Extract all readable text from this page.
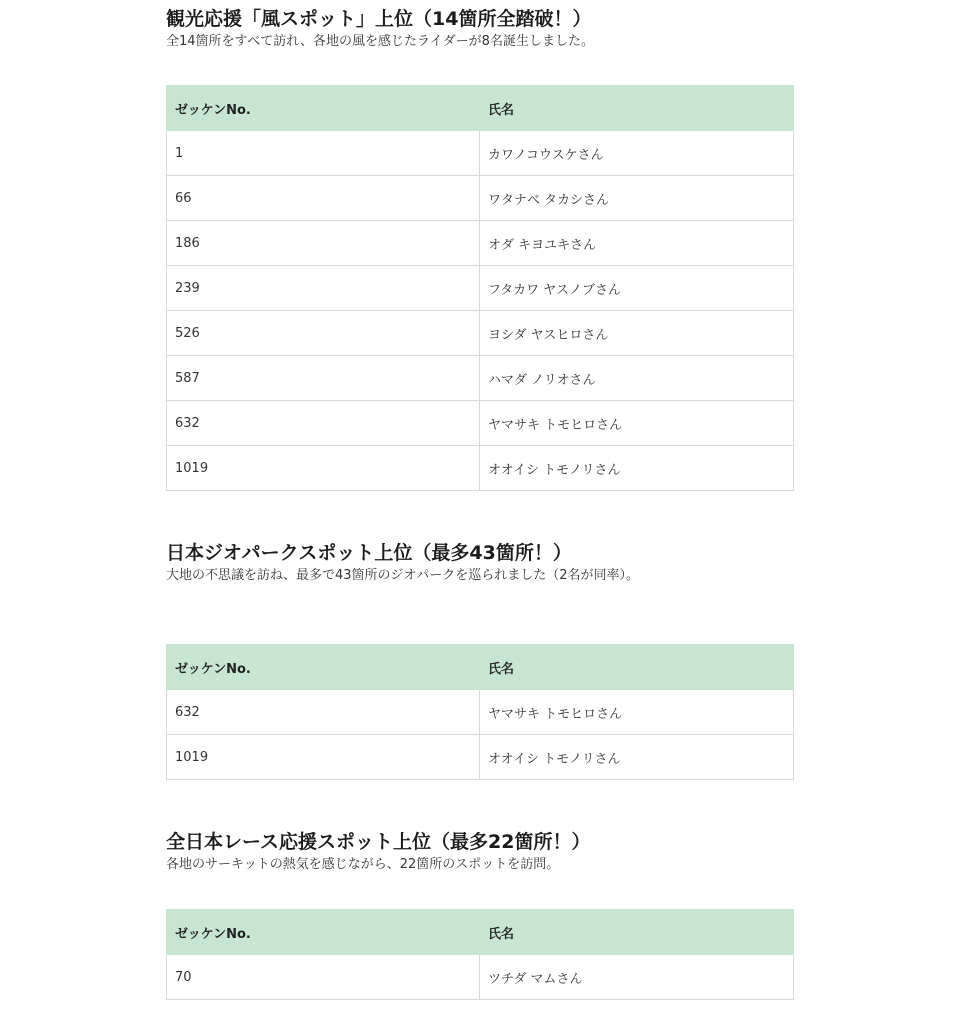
観光応援「風スポット」上位（14箇所全踏破！）

全14箇所をすべて訪れ、各地の風を感じたライダーが8名誕生しました。

ゼッケンNo.	氏名
1	カワノコウスケさん
66	ワタナベ タカシさん
186	オダ キヨユキさん
239	フタカワ ヤスノブさん
526	ヨシダ ヤスヒロさん
587	ハマダ ノリオさん
632	ヤマサキ トモヒロさん
1019	オオイシ トモノリさん
日本ジオパークスポット上位（最多43箇所！）

大地の不思議を訪ね、最多で43箇所のジオパークを巡られました（2名が同率）。

ゼッケンNo.	氏名
632	ヤマサキ トモヒロさん
1019	オオイシ トモノリさん
全日本レース応援スポット上位（最多22箇所！）

各地のサーキットの熱気を感じながら、22箇所のスポットを訪問。

ゼッケンNo.	氏名
70	ツチダ マムさん
